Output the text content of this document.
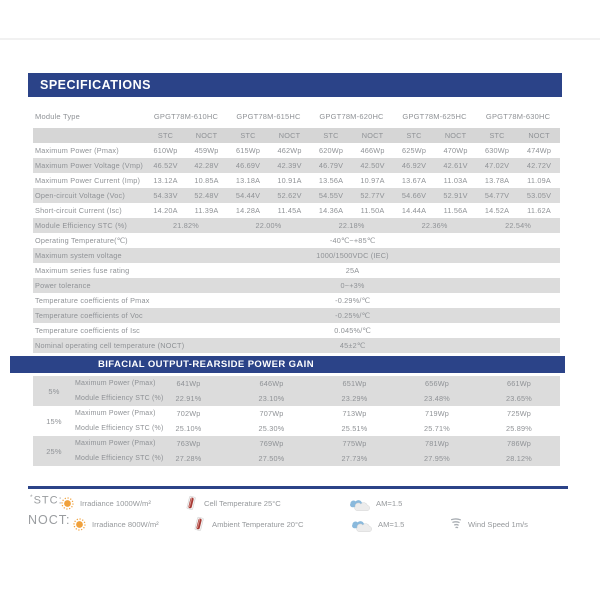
SPECIFICATIONS
Module Type	GPGT78M-610HC		GPGT78M-615HC		GPGT78M-620HC		GPGT78M-625HC		GPGT78M-630HC	
	STC	NOCT	STC	NOCT	STC	NOCT	STC	NOCT	STC	NOCT
Maximum Power (Pmax)	610Wp	459Wp	615Wp	462Wp	620Wp	466Wp	625Wp	470Wp	630Wp	474Wp
Maximum Power Voltage (Vmp)	46.52V	42.28V	46.69V	42.39V	46.79V	42.50V	46.92V	42.61V	47.02V	42.72V
Maximum Power Current (Imp)	13.12A	10.85A	13.18A	10.91A	13.56A	10.97A	13.67A	11.03A	13.78A	11.09A
Open-circuit Voltage (Voc)	54.33V	52.48V	54.44V	52.62V	54.55V	52.77V	54.66V	52.91V	54.77V	53.05V
Short-circuit Current (Isc)	14.20A	11.39A	14.28A	11.45A	14.36A	11.50A	14.44A	11.56A	14.52A	11.62A
Module Efficiency STC (%)	21.82%		22.00%		22.18%		22.36%		22.54%	
Operating Temperature(℃)	-40℃~+85℃									
Maximum system voltage	1000/1500VDC (IEC)									
Maximum series fuse rating	25A									
Power tolerance	0~+3%									
Temperature coefficients of Pmax	-0.29%/℃									
Temperature coefficients of Voc	-0.25%/℃									
Temperature coefficients of Isc	0.045%/℃									
Nominal operating cell temperature (NOCT)	45±2℃									
BIFACIAL OUTPUT-REARSIDE POWER GAIN
5%	Maximum Power (Pmax)	641Wp	646Wp	651Wp	656Wp	661Wp
	Module Efficiency STC (%)	22.91%	23.10%	23.29%	23.48%	23.65%
15%	Maximum Power (Pmax)	702Wp	707Wp	713Wp	719Wp	725Wp
	Module Efficiency STC (%)	25.10%	25.30%	25.51%	25.71%	25.89%
25%	Maximum Power (Pmax)	763Wp	769Wp	775Wp	781Wp	786Wp
	Module Efficiency STC (%)	27.28%	27.50%	27.73%	27.95%	28.12%
*STC: Irradiance 1000W/m²	Cell Temperature 25°C	AM=1.5
NOCT:	Irradiance 800W/m²	Ambient Temperature 20°C	AM=1.5	Wind Speed 1m/s
